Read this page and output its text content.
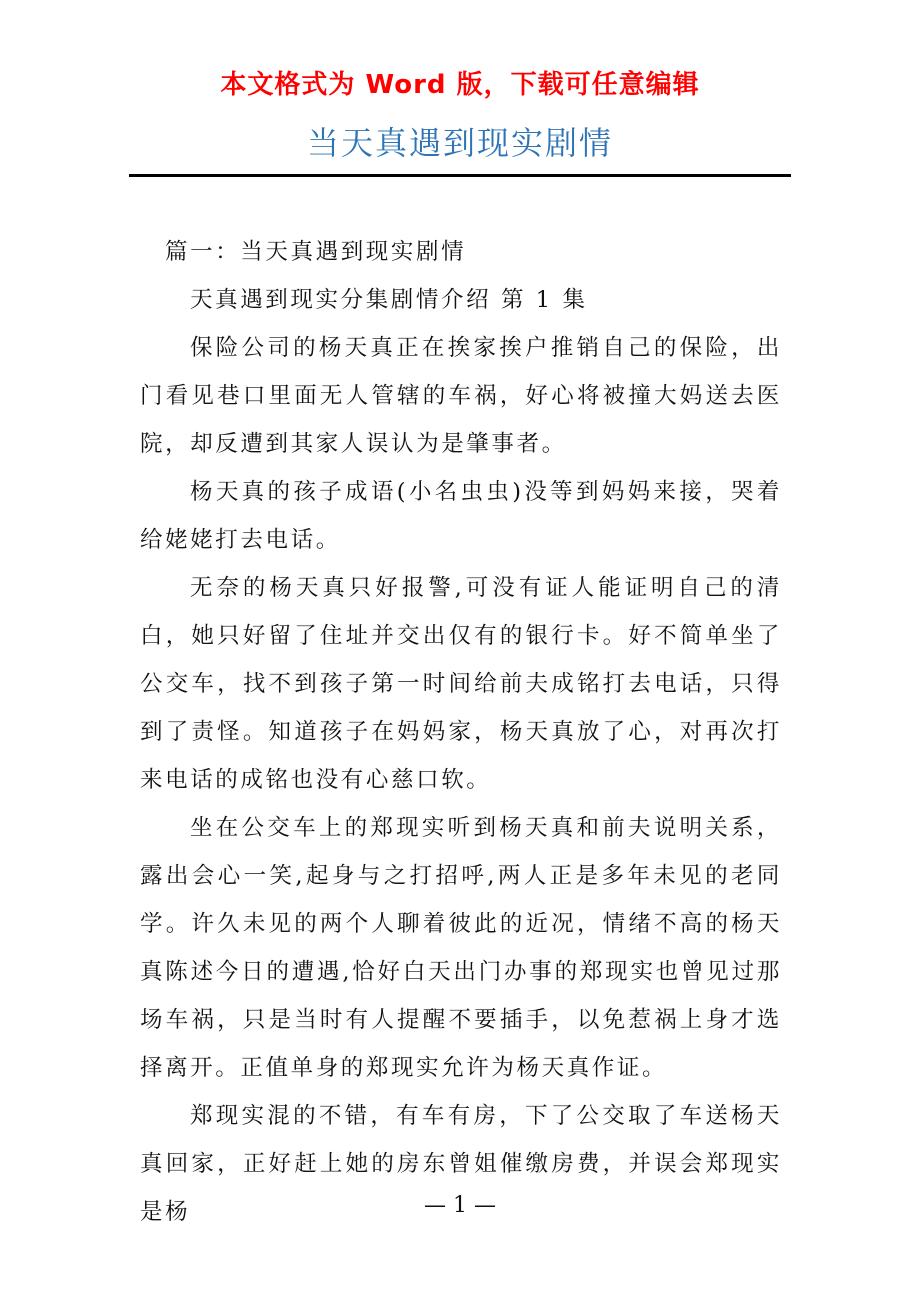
本文格式为 Word 版，下载可任意编辑
当天真遇到现实剧情

篇一：当天真遇到现实剧情

天真遇到现实分集剧情介绍 第 1 集

保险公司的杨天真正在挨家挨户推销自己的保险，出门看见巷口里面无人管辖的车祸，好心将被撞大妈送去医院，却反遭到其家人误认为是肇事者。

杨天真的孩子成语(小名虫虫)没等到妈妈来接，哭着给姥姥打去电话。

无奈的杨天真只好报警,可没有证人能证明自己的清白，她只好留了住址并交出仅有的银行卡。好不简单坐了公交车，找不到孩子第一时间给前夫成铭打去电话，只得到了责怪。知道孩子在妈妈家，杨天真放了心，对再次打来电话的成铭也没有心慈口软。

坐在公交车上的郑现实听到杨天真和前夫说明关系，露出会心一笑,起身与之打招呼,两人正是多年未见的老同学。许久未见的两个人聊着彼此的近况，情绪不高的杨天真陈述今日的遭遇,恰好白天出门办事的郑现实也曾见过那场车祸，只是当时有人提醒不要插手，以免惹祸上身才选择离开。正值单身的郑现实允许为杨天真作证。

郑现实混的不错，有车有房，下了公交取了车送杨天真回家，正好赶上她的房东曾姐催缴房费，并误会郑现实是杨	— 1 —
